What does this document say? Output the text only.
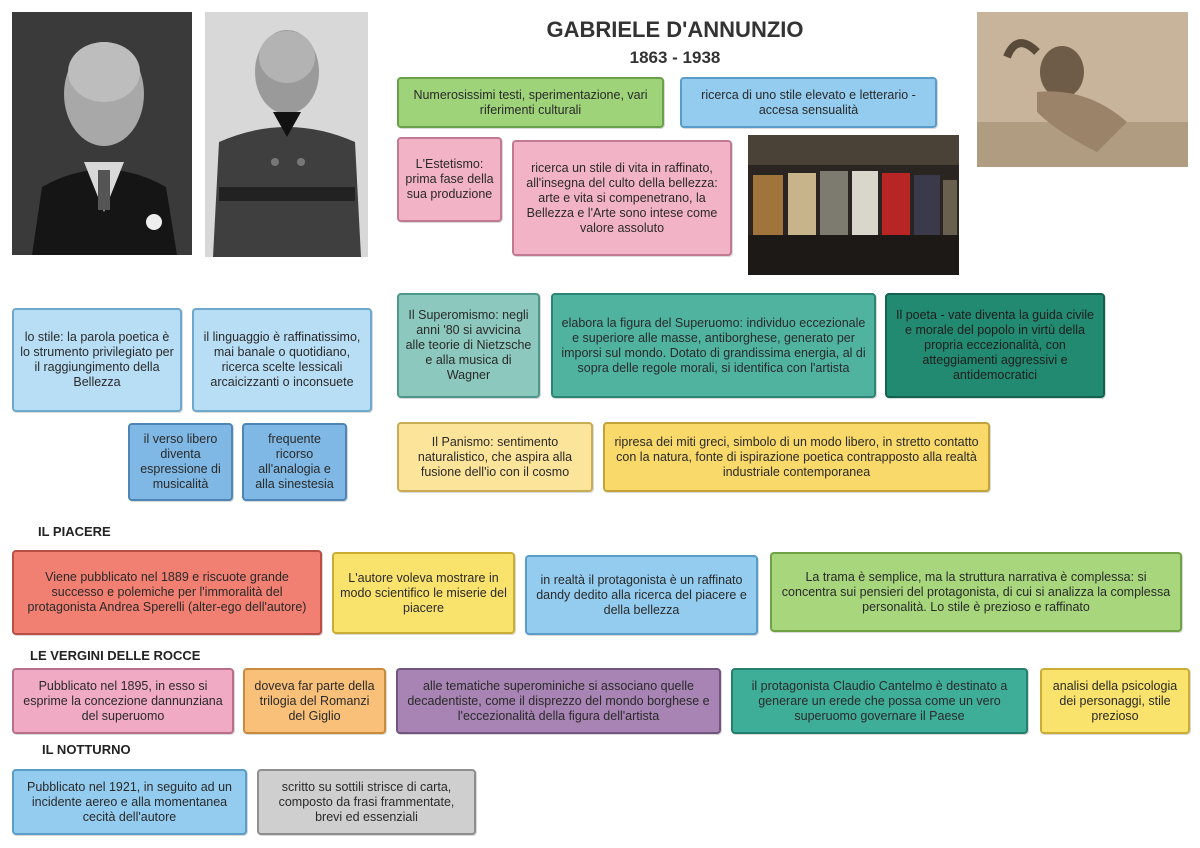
GABRIELE D'ANNUNZIO
1863 - 1938
Numerosissimi testi, sperimentazione, vari riferimenti culturali
ricerca di uno stile elevato e letterario - accesa sensualità
L'Estetismo: prima fase della sua produzione
ricerca un stile di vita in raffinato, all'insegna del culto della bellezza: arte e vita si compenetrano, la Bellezza e l'Arte sono intese come valore assoluto
lo stile: la parola poetica è lo strumento privilegiato per il raggiungimento della Bellezza
il linguaggio è raffinatissimo, mai banale o quotidiano, ricerca scelte lessicali arcaicizzanti o inconsuete
il verso libero diventa espressione di musicalità
frequente ricorso all'analogia e alla sinestesia
Il Superomismo: negli anni '80 si avvicina alle teorie di Nietzsche e alla musica di Wagner
elabora la figura del Superuomo: individuo eccezionale e superiore alle masse, antiborghese, generato per imporsi sul mondo. Dotato di grandissima energia, al di sopra delle regole morali, si identifica con l'artista
Il poeta - vate diventa la guida civile e morale del popolo in virtù della propria eccezionalità, con atteggiamenti aggressivi e antidemocratici
Il Panismo: sentimento naturalistico, che aspira alla fusione dell'io con il cosmo
ripresa dei miti greci, simbolo di un modo libero, in stretto contatto con la natura, fonte di ispirazione poetica contrapposto alla realtà industriale contemporanea
IL PIACERE
Viene pubblicato nel 1889 e riscuote grande successo e polemiche per l'immoralità del protagonista Andrea Sperelli (alter-ego dell'autore)
L'autore voleva mostrare in modo scientifico le miserie del piacere
in realtà il protagonista è un raffinato dandy dedito alla ricerca del piacere e della bellezza
La trama è semplice, ma la struttura narrativa è complessa: si concentra sui pensieri del protagonista, di cui si analizza la complessa personalità. Lo stile è prezioso e raffinato
LE VERGINI DELLE ROCCE
Pubblicato nel 1895, in esso si esprime la concezione dannunziana del superuomo
doveva far parte della trilogia del Romanzi del Giglio
alle tematiche superominiche si associano quelle decadentiste, come il disprezzo del mondo borghese e l'eccezionalità della figura dell'artista
il protagonista Claudio Cantelmo è destinato a generare un erede che possa come un vero superuomo governare il Paese
analisi della psicologia dei personaggi, stile prezioso
IL NOTTURNO
Pubblicato nel 1921, in seguito ad un incidente aereo e alla momentanea cecità dell'autore
scritto su sottili strisce di carta, composto da frasi frammentate, brevi ed essenziali
